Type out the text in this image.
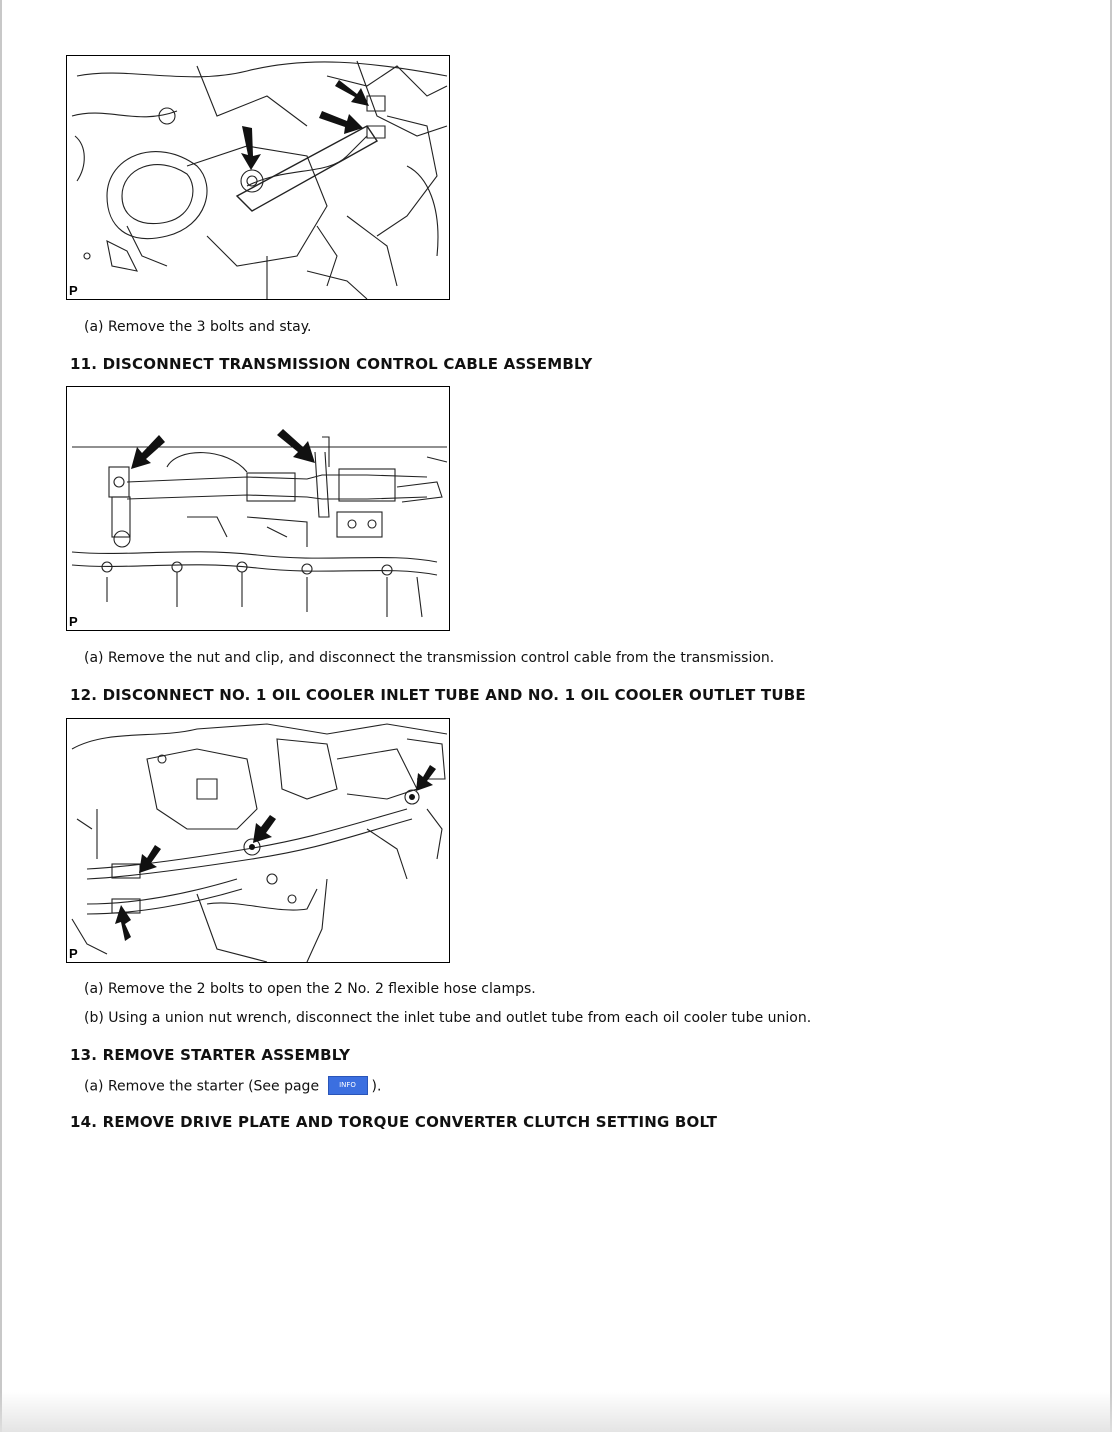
P
(a) Remove the 3 bolts and stay.
11. DISCONNECT TRANSMISSION CONTROL CABLE ASSEMBLY
P
(a) Remove the nut and clip, and disconnect the transmission control cable from the transmission.
12. DISCONNECT NO. 1 OIL COOLER INLET TUBE AND NO. 1 OIL COOLER OUTLET TUBE
P
(a) Remove the 2 bolts to open the 2 No. 2 flexible hose clamps.
(b) Using a union nut wrench, disconnect the inlet tube and outlet tube from each oil cooler tube union.
13. REMOVE STARTER ASSEMBLY
(a) Remove the starter (See page	INFO ).
14. REMOVE DRIVE PLATE AND TORQUE CONVERTER CLUTCH SETTING BOLT
